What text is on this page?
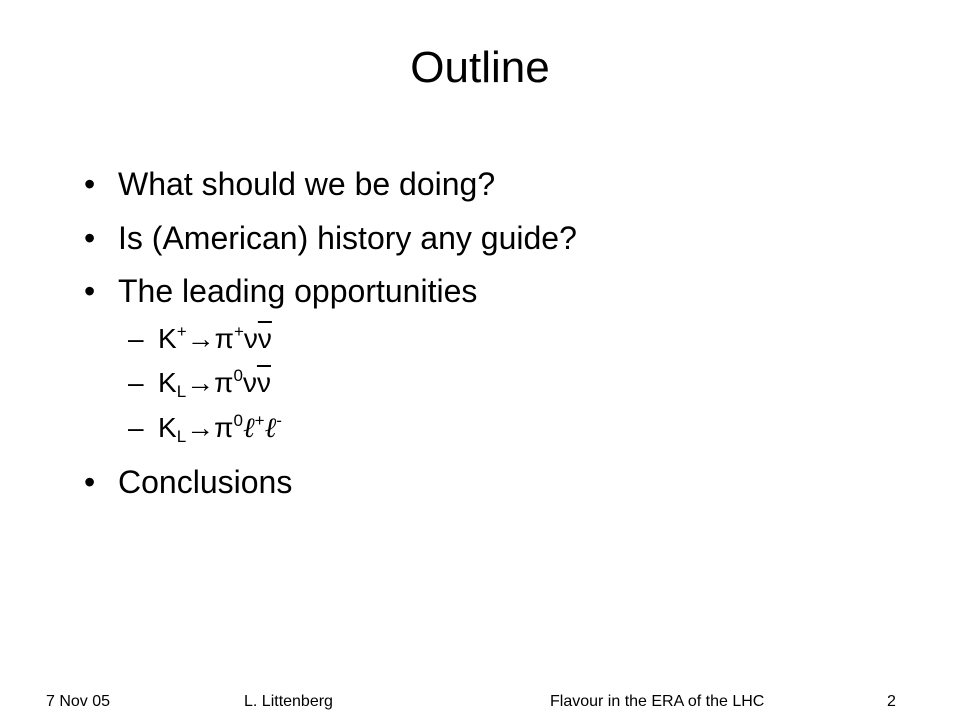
Outline
• What should we be doing?
• Is (American) history any guide?
• The leading opportunities
– $K^+\to\pi^+\nu\overline{\nu}$
– $K_L\to\pi^0\nu\overline{\nu}$
– $K_L\to\pi^0\ell^+\ell^-$
• Conclusions
7 Nov 05	L. Littenberg	Flavour in the ERA of the LHC	2
